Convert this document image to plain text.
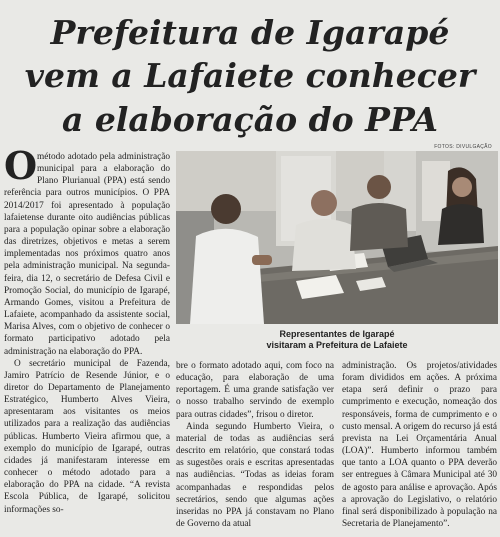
Prefeitura de Igarapé
vem a Lafaiete conhecer
a elaboração do PPA
FOTOS: DIVULGAÇÃO
Representantes de Igarapé
visitaram a Prefeitura de Lafaiete

Ométodo adotado pela administração municipal para a elaboração do Plano Plurianual (PPA) está sendo referência para outros municípios. O PPA 2014/2017 foi apresentado à população lafaietense durante oito audiências públicas para a população opinar sobre a elaboração das diretrizes, objetivos e metas a serem implementadas nos próximos quatro anos pela administração municipal. Na segunda-feira, dia 12, o secretário de Defesa Civil e Promoção Social, do município de Igarapé, Armando Gomes, visitou a Prefeitura de Lafaiete, acompanhado da assistente social, Marisa Alves, com o objetivo de conhecer o formato participativo adotado pela administração na elaboração do PPA.

O secretário municipal de Fazenda, Jamiro Patrício de Resende Júnior, e o diretor do Departamento de Planejamento Estratégico, Humberto Alves Vieira, apresentaram aos visitantes os meios utilizados para a realização das audiências públicas. Humberto Vieira afirmou que, a exemplo do município de Igarapé, outras cidades já manifestaram interesse em conhecer o método adotado para a elaboração do PPA na cidade. “A revista Escola Pública, de Igarapé, solicitou informações so-

bre o formato adotado aqui, com foco na educação, para elaboração de uma reportagem. É uma grande satisfação ver o nosso trabalho servindo de exemplo para outras cidades”, frisou o diretor.

Ainda segundo Humberto Vieira, o material de todas as audiências será descrito em relatório, que constará todas as sugestões orais e escritas apresentadas nas audiências. “Todas as ideias foram acompanhadas e respondidas pelos secretários, sendo que algumas ações inseridas no PPA já constavam no Plano de Governo da atual

administração. Os projetos/atividades foram divididos em ações. A próxima etapa será definir o prazo para cumprimento e execução, nomeação dos responsáveis, forma de cumprimento e o custo mensal. A origem do recurso já está prevista na Lei Orçamentária Anual (LOA)”. Humberto informou também que tanto a LOA quanto o PPA deverão ser entregues à Câmara Municipal até 30 de agosto para análise e aprovação. Após a aprovação do Legislativo, o relatório final será disponibilizado à população na Secretaria de Planejamento”.
